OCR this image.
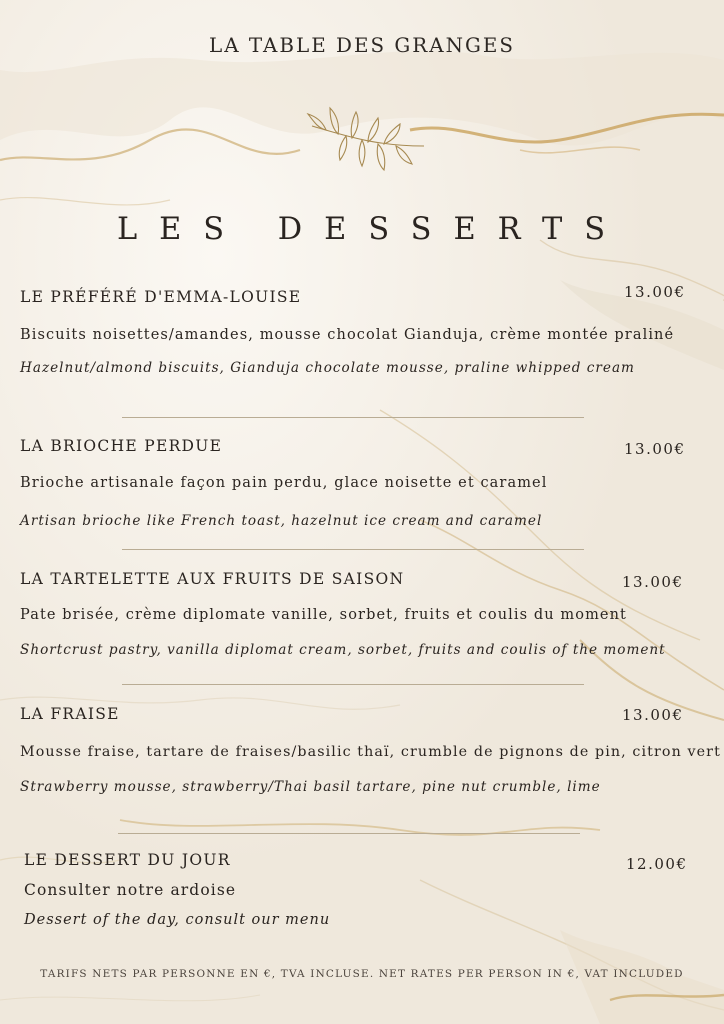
LA TABLE DES GRANGES
LES DESSERTS
LE PRÉFÉRÉ D'EMMA-LOUISE	13.00€
Biscuits noisettes/amandes, mousse chocolat Gianduja, crème montée praliné
Hazelnut/almond biscuits, Gianduja chocolate mousse, praline whipped cream
LA BRIOCHE PERDUE	13.00€
Brioche artisanale façon pain perdu, glace noisette et caramel
Artisan brioche like French toast, hazelnut ice cream and caramel
LA TARTELETTE AUX FRUITS DE SAISON	13.00€
Pate brisée, crème diplomate vanille, sorbet, fruits et coulis du moment
Shortcrust pastry, vanilla diplomat cream, sorbet, fruits and coulis of the moment
LA FRAISE	13.00€
Mousse fraise, tartare de fraises/basilic thaï, crumble de pignons de pin, citron vert
Strawberry mousse, strawberry/Thai basil tartare, pine nut crumble, lime
LE DESSERT DU JOUR	12.00€
Consulter notre ardoise
Dessert of the day, consult our menu
TARIFS NETS PAR PERSONNE EN €, TVA INCLUSE. NET RATES PER PERSON IN €, VAT INCLUDED
